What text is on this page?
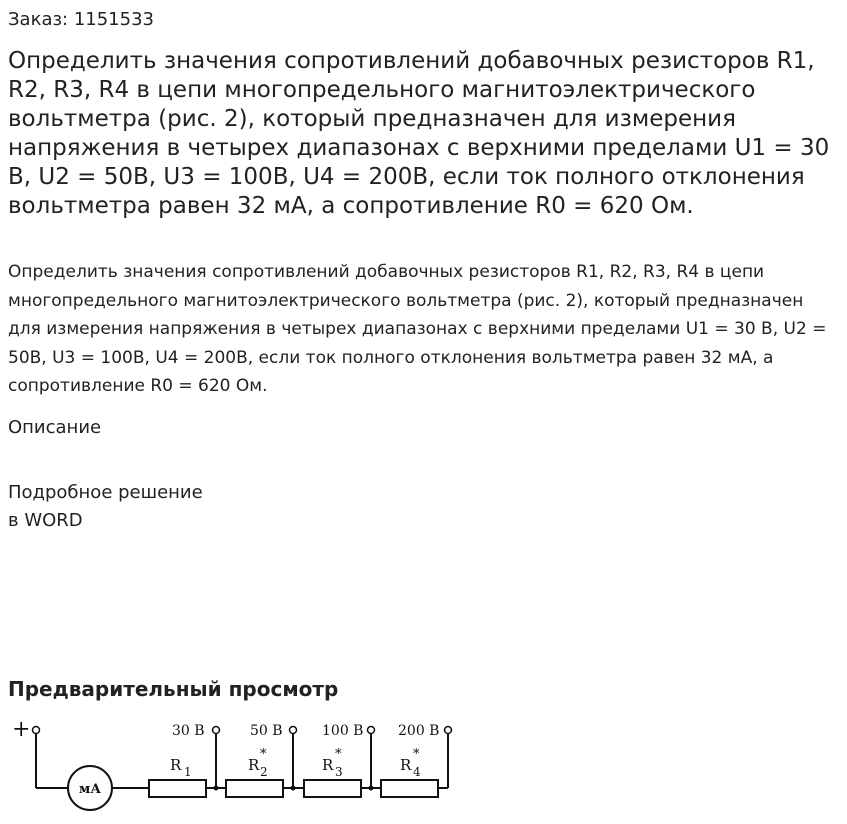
Заказ: 1151533
Определить значения сопротивлений добавочных резисторов R1, R2, R3, R4 в цепи многопредельного магнитоэлектрического вольтметра (рис. 2), который предназначен для измерения напряжения в четырех диапазонах с верхними пределами U1 = 30 В, U2 = 50В, U3 = 100В, U4 = 200В, если ток полного отклонения вольтметра равен 32 мА, а сопротивление R0 = 620 Ом.
Определить значения сопротивлений добавочных резисторов R1, R2, R3, R4 в цепи многопредельного магнитоэлектрического вольтметра (рис. 2), который предназначен для измерения напряжения в четырех диапазонах с верхними пределами U1 = 30 В, U2 = 50В, U3 = 100В, U4 = 200В, если ток полного отклонения вольтметра равен 32 мА, а сопротивление R0 = 620 Ом.
Описание
Подробное решение
в WORD
Предварительный просмотр
+
мА
30 В	50 В	100 В 200 В
R 1	R
*
2	R
*
3	R
*
4
